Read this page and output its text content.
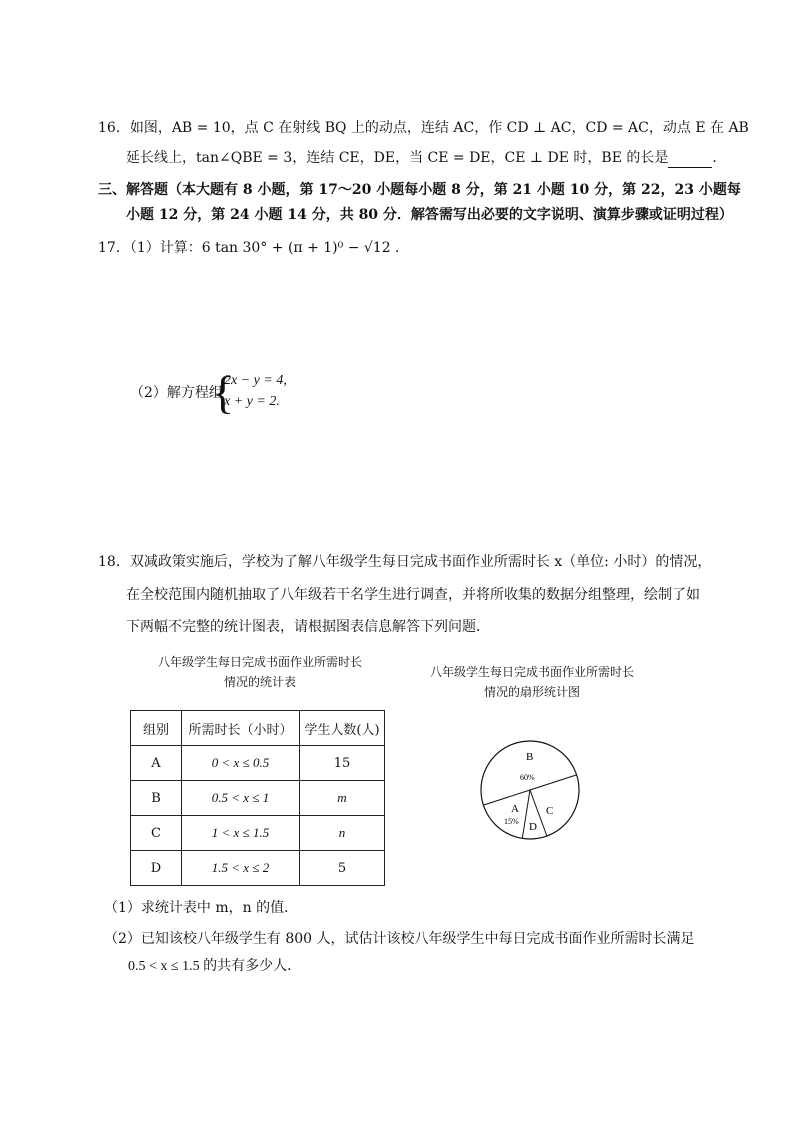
16．如图，AB = 10，点 C 在射线 BQ 上的动点，连结 AC，作 CD ⊥ AC，CD = AC，动点 E 在 AB
延长线上，tan∠QBE = 3，连结 CE，DE，当 CE = DE，CE ⊥ DE 时，BE 的长是	．
三、解答题（本大题有 8 小题，第 17～20 小题每小题 8 分，第 21 小题 10 分，第 22，23 小题每
小题 12 分，第 24 小题 14 分，共 80 分．解答需写出必要的文字说明、演算步骤或证明过程）
17．（1）计算：6 tan 30° + (π + 1)⁰ − √12 ．
（2）解方程组
{
2x − y = 4,
x + y = 2.
18．双减政策实施后，学校为了解八年级学生每日完成书面作业所需时长 x（单位: 小时）的情况，
在全校范围内随机抽取了八年级若干名学生进行调查，并将所收集的数据分组整理，绘制了如
下两幅不完整的统计图表，请根据图表信息解答下列问题．
八年级学生每日完成书面作业所需时长
情况的统计表
八年级学生每日完成书面作业所需时长
情况的扇形统计图
组别	所需时长（小时）	学生人数(人)
A	0 < x ≤ 0.5	15
B	0.5 < x ≤ 1	m
C	1 < x ≤ 1.5	n
D	1.5 < x ≤ 2	5
B
60%
C
D
A
15%
（1）求统计表中 m，n 的值．
（2）已知该校八年级学生有 800 人，试估计该校八年级学生中每日完成书面作业所需时长满足
0.5 < x ≤ 1.5 的共有多少人．
